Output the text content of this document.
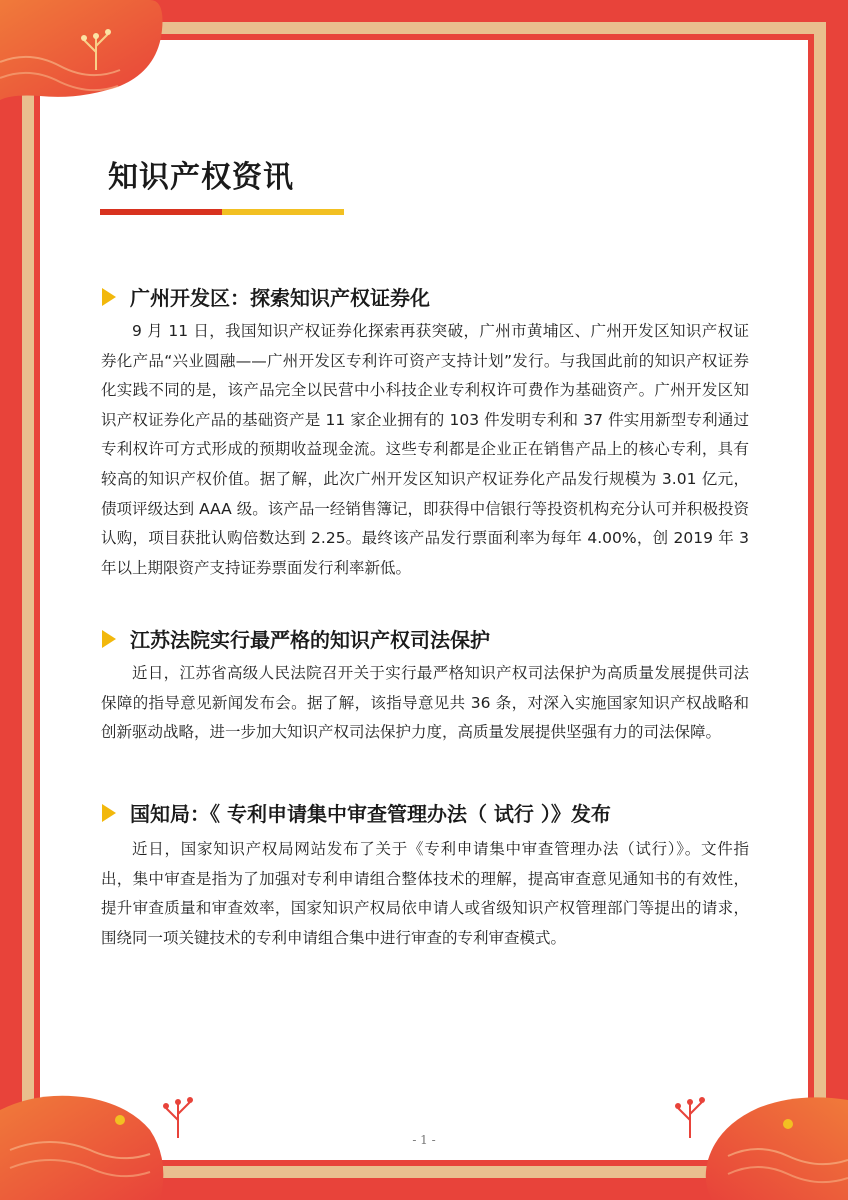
知识产权资讯
广州开发区：探索知识产权证券化

9 月 11 日，我国知识产权证券化探索再获突破，广州市黄埔区、广州开发区知识产权证券化产品“兴业圆融——广州开发区专利许可资产支持计划”发行。与我国此前的知识产权证券化实践不同的是，该产品完全以民营中小科技企业专利权许可费作为基础资产。广州开发区知识产权证券化产品的基础资产是 11 家企业拥有的 103 件发明专利和 37 件实用新型专利通过专利权许可方式形成的预期收益现金流。这些专利都是企业正在销售产品上的核心专利，具有较高的知识产权价值。据了解，此次广州开发区知识产权证券化产品发行规模为 3.01 亿元，债项评级达到 AAA 级。该产品一经销售簿记，即获得中信银行等投资机构充分认可并积极投资认购，项目获批认购倍数达到 2.25。最终该产品发行票面利率为每年 4.00%，创 2019 年 3 年以上期限资产支持证券票面发行利率新低。

江苏法院实行最严格的知识产权司法保护

近日，江苏省高级人民法院召开关于实行最严格知识产权司法保护为高质量发展提供司法保障的指导意见新闻发布会。据了解，该指导意见共 36 条，对深入实施国家知识产权战略和创新驱动战略，进一步加大知识产权司法保护力度，高质量发展提供坚强有力的司法保障。

国知局：《 专利申请集中审查管理办法（ 试行 ）》发布

近日，国家知识产权局网站发布了关于《专利申请集中审查管理办法（试行）》。文件指出，集中审查是指为了加强对专利申请组合整体技术的理解，提高审查意见通知书的有效性，提升审查质量和审查效率，国家知识产权局依申请人或省级知识产权管理部门等提出的请求，围绕同一项关键技术的专利申请组合集中进行审查的专利审查模式。

- 1 -
